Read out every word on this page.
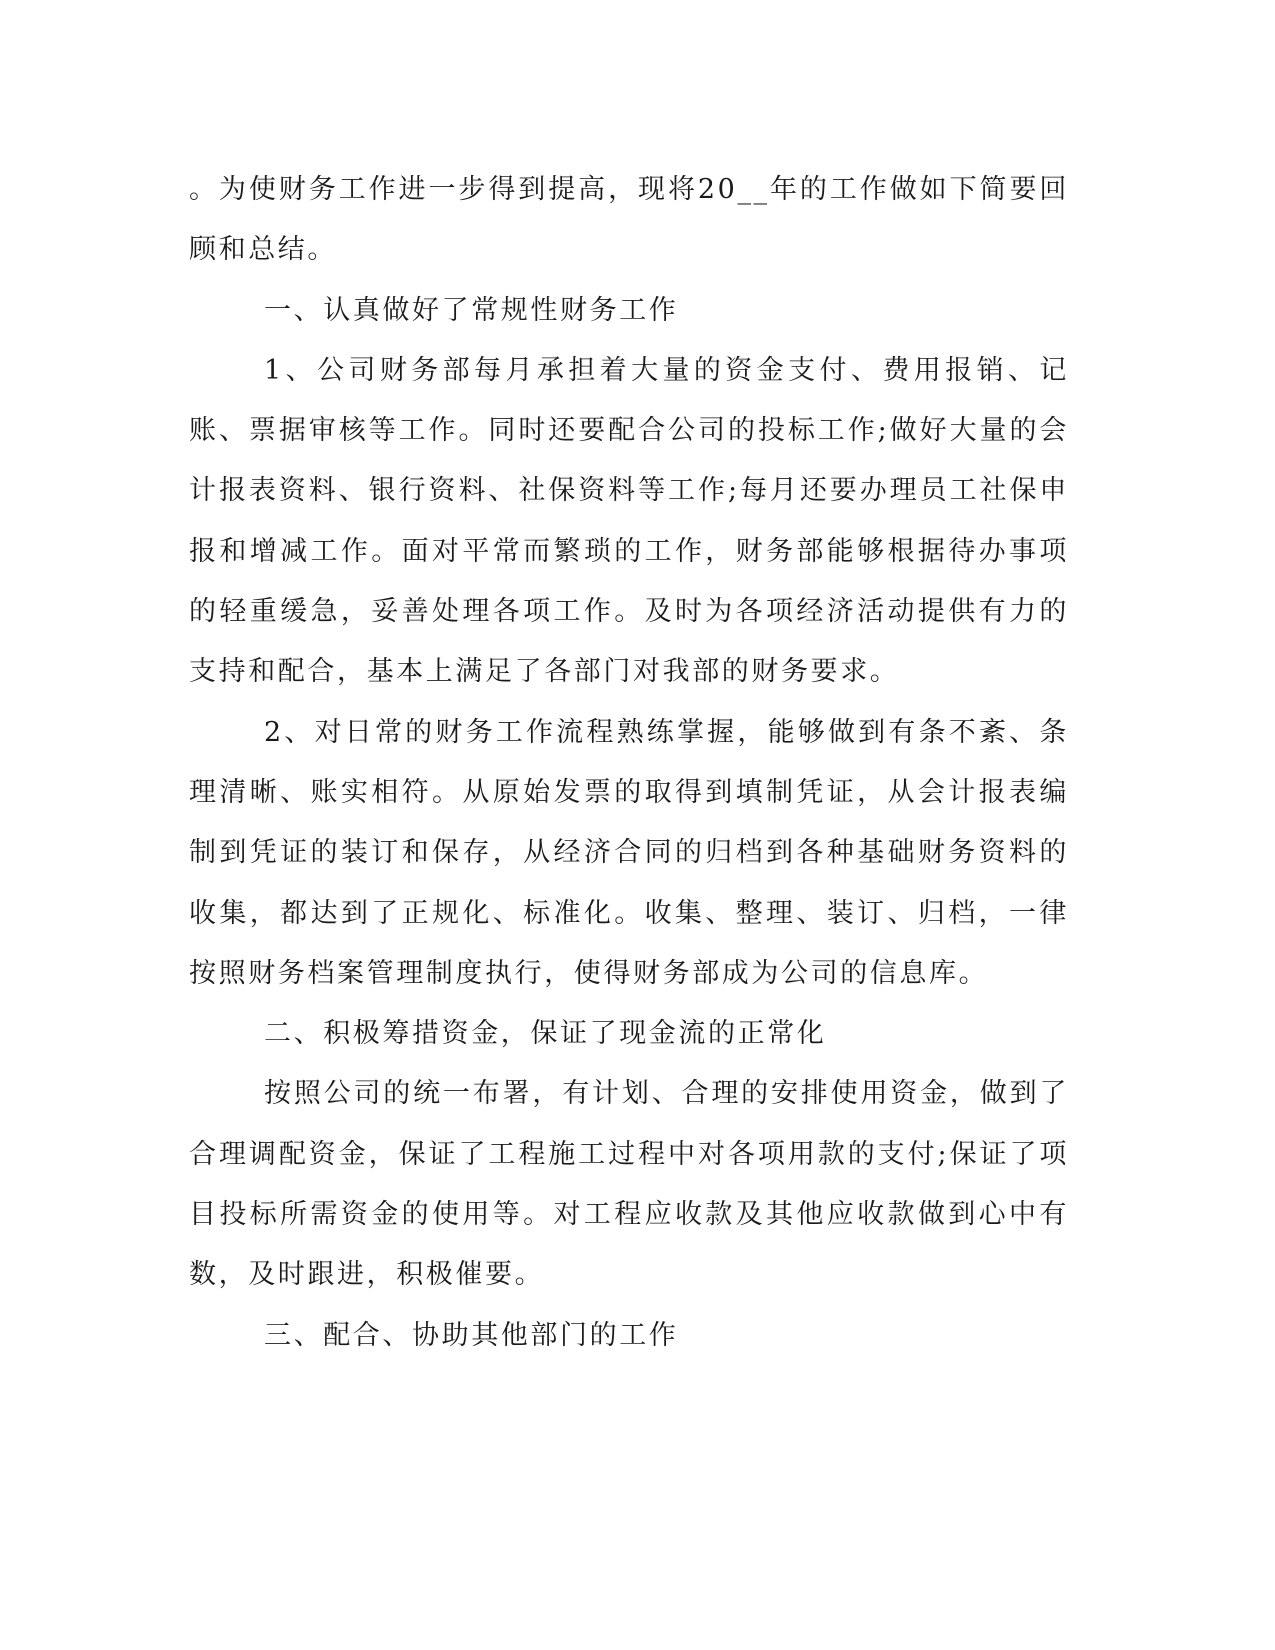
。为使财务工作进一步得到提高，现将20__年的工作做如下简要回顾和总结。

一、认真做好了常规性财务工作

1、公司财务部每月承担着大量的资金支付、费用报销、记账、票据审核等工作。同时还要配合公司的投标工作;做好大量的会计报表资料、银行资料、社保资料等工作;每月还要办理员工社保申报和增减工作。面对平常而繁琐的工作，财务部能够根据待办事项的轻重缓急，妥善处理各项工作。及时为各项经济活动提供有力的支持和配合，基本上满足了各部门对我部的财务要求。

2、对日常的财务工作流程熟练掌握，能够做到有条不紊、条理清晰、账实相符。从原始发票的取得到填制凭证，从会计报表编制到凭证的装订和保存，从经济合同的归档到各种基础财务资料的收集，都达到了正规化、标准化。收集、整理、装订、归档，一律按照财务档案管理制度执行，使得财务部成为公司的信息库。

二、积极筹措资金，保证了现金流的正常化

按照公司的统一布署，有计划、合理的安排使用资金，做到了合理调配资金，保证了工程施工过程中对各项用款的支付;保证了项目投标所需资金的使用等。对工程应收款及其他应收款做到心中有数，及时跟进，积极催要。

三、配合、协助其他部门的工作
